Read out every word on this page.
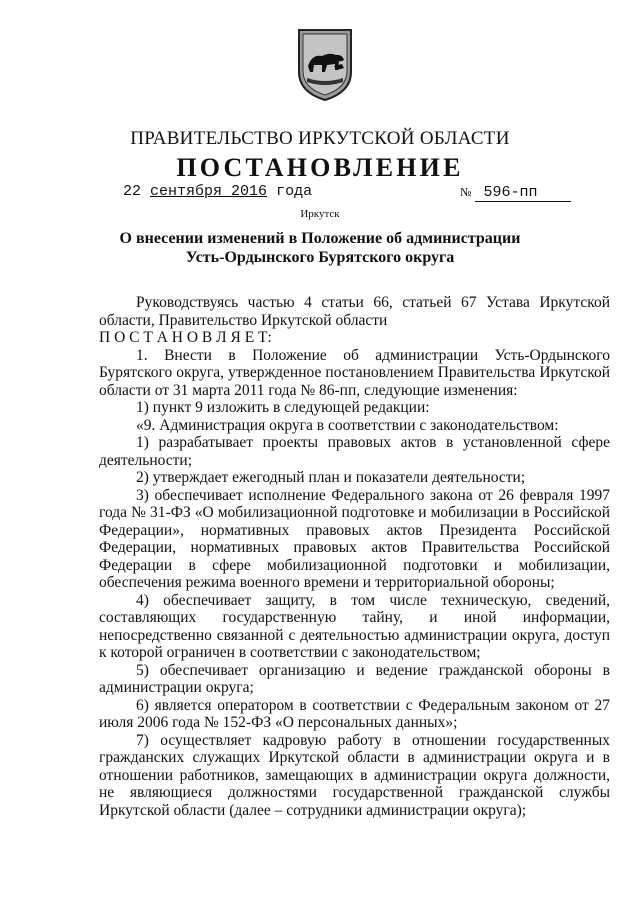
ПРАВИТЕЛЬСТВО ИРКУТСКОЙ ОБЛАСТИ
ПОСТАНОВЛЕНИЕ
22 сентября 2016 года	№ 596-пп
Иркутск
О внесении изменений в Положение об администрации
Усть-Ордынского Бурятского округа

Руководствуясь частью 4 статьи 66, статьей 67 Устава Иркутской области, Правительство Иркутской области

П О С Т А Н О В Л Я Е Т:

1. Внести в Положение об администрации Усть-Ордынского Бурятского округа, утвержденное постановлением Правительства Иркутской области от 31 марта 2011 года № 86-пп, следующие изменения:

1) пункт 9 изложить в следующей редакции:

«9. Администрация округа в соответствии с законодательством:

1) разрабатывает проекты правовых актов в установленной сфере деятельности;

2) утверждает ежегодный план и показатели деятельности;

3) обеспечивает исполнение Федерального закона от 26 февраля 1997 года № 31-ФЗ «О мобилизационной подготовке и мобилизации в Российской Федерации», нормативных правовых актов Президента Российской Федерации, нормативных правовых актов Правительства Российской Федерации в сфере мобилизационной подготовки и мобилизации, обеспечения режима военного времени и территориальной обороны;

4) обеспечивает защиту, в том числе техническую, сведений, составляющих государственную тайну, и иной информации, непосредственно связанной с деятельностью администрации округа, доступ к которой ограничен в соответствии с законодательством;

5) обеспечивает организацию и ведение гражданской обороны в администрации округа;

6) является оператором в соответствии с Федеральным законом от 27 июля 2006 года № 152-ФЗ «О персональных данных»;

7) осуществляет кадровую работу в отношении государственных гражданских служащих Иркутской области в администрации округа и в отношении работников, замещающих в администрации округа должности, не являющиеся должностями государственной гражданской службы Иркутской области (далее – сотрудники администрации округа);
